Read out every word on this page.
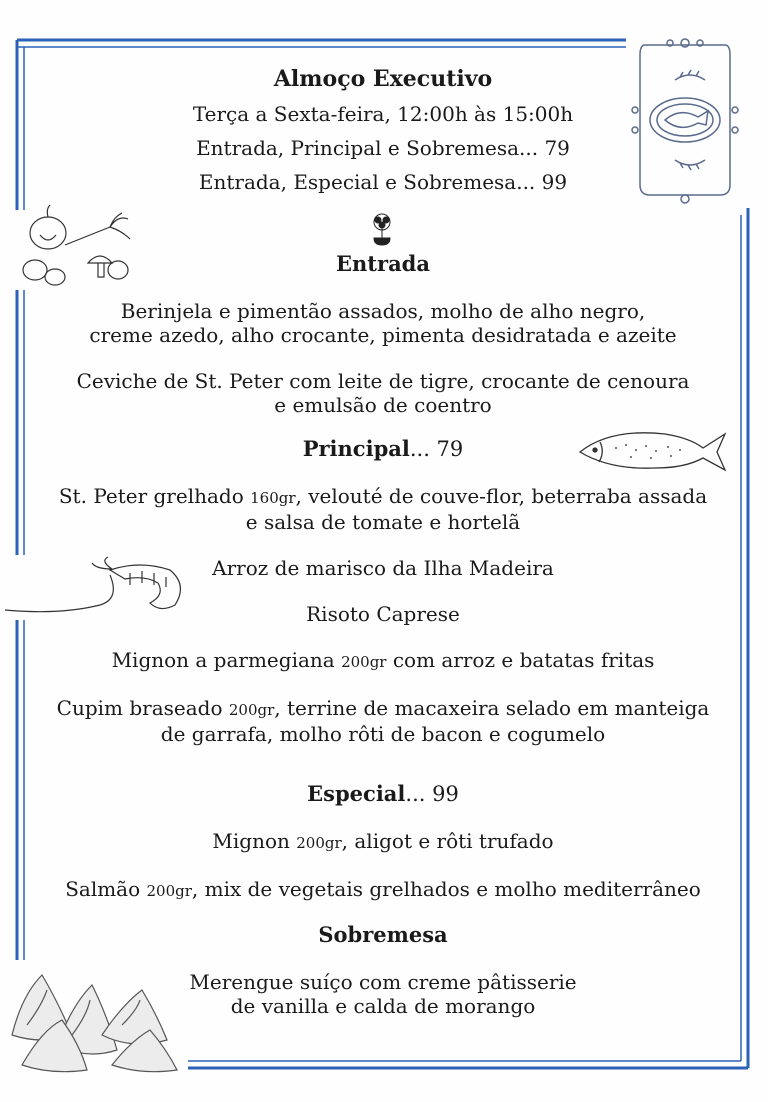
Almoço Executivo

Terça a Sexta-feira, 12:00h às 15:00h

Entrada, Principal e Sobremesa... 79

Entrada, Especial e Sobremesa... 99

Entrada

Berinjela e pimentão assados, molho de alho negro,

creme azedo, alho crocante, pimenta desidratada e azeite

Ceviche de St. Peter com leite de tigre, crocante de cenoura

e emulsão de coentro

Principal... 79

St. Peter grelhado 160gr, velouté de couve-flor, beterraba assada

e salsa de tomate e hortelã

Arroz de marisco da Ilha Madeira

Risoto Caprese

Mignon a parmegiana 200gr com arroz e batatas fritas

Cupim braseado 200gr, terrine de macaxeira selado em manteiga

de garrafa, molho rôti de bacon e cogumelo

Especial... 99

Mignon 200gr, aligot e rôti trufado

Salmão 200gr, mix de vegetais grelhados e molho mediterrâneo

Sobremesa

Merengue suíço com creme pâtisserie

de vanilla e calda de morango
